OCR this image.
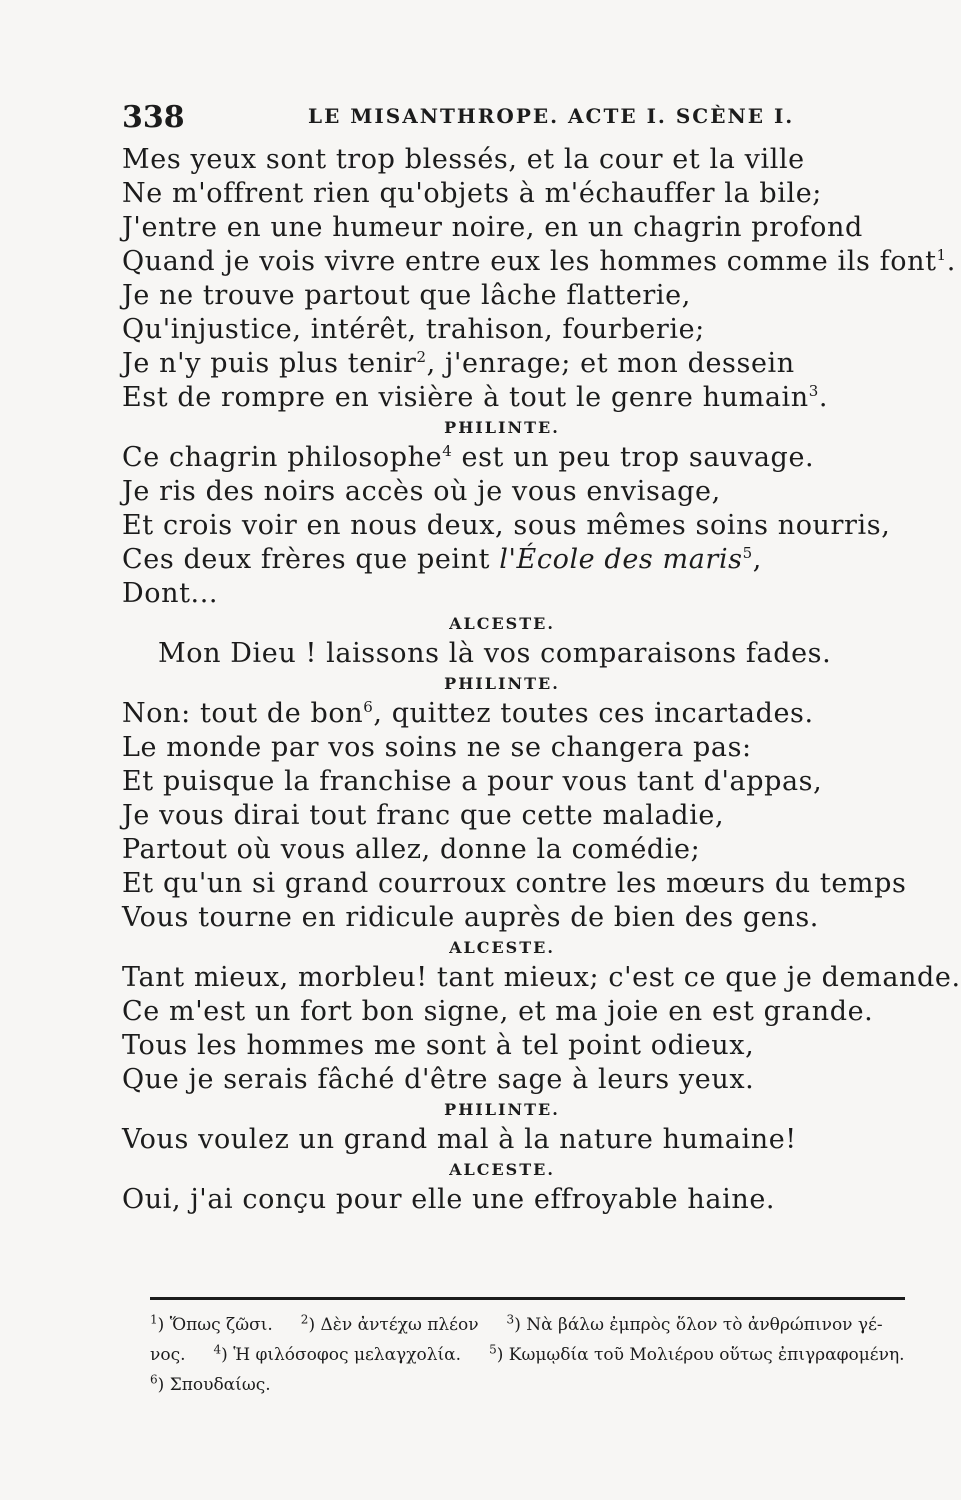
338	LE MISANTHROPE. ACTE I. SCÈNE I.
Mes yeux sont trop blessés, et la cour et la ville
Ne m'offrent rien qu'objets à m'échauffer la bile;
J'entre en une humeur noire, en un chagrin profond
Quand je vois vivre entre eux les hommes comme ils font$^1$.
Je ne trouve partout que lâche flatterie,
Qu'injustice, intérêt, trahison, fourberie;
Je n'y puis plus tenir$^2$, j'enrage; et mon dessein
Est de rompre en visière à tout le genre humain$^3$.
PHILINTE.
Ce chagrin philosophe$^4$ est un peu trop sauvage.
Je ris des noirs accès où je vous envisage,
Et crois voir en nous deux, sous mêmes soins nourris,
Ces deux frères que peint l'École des maris$^5$,
Dont...
ALCESTE.
Mon Dieu ! laissons là vos comparaisons fades.
PHILINTE.
Non: tout de bon$^6$, quittez toutes ces incartades.
Le monde par vos soins ne se changera pas:
Et puisque la franchise a pour vous tant d'appas,
Je vous dirai tout franc que cette maladie,
Partout où vous allez, donne la comédie;
Et qu'un si grand courroux contre les mœurs du temps
Vous tourne en ridicule auprès de bien des gens.
ALCESTE.
Tant mieux, morbleu! tant mieux; c'est ce que je demande.
Ce m'est un fort bon signe, et ma joie en est grande.
Tous les hommes me sont à tel point odieux,
Que je serais fâché d'être sage à leurs yeux.
PHILINTE.
Vous voulez un grand mal à la nature humaine!
ALCESTE.
Oui, j'ai conçu pour elle une effroyable haine.
$^1$) Ὅπως ζῶσι. $^2$) Δὲν ἀντέχω πλέον $^3$) Νὰ βάλω ἐμπρὸς ὅλον τὸ ἀνθρώπινον γέ-
νος. $^4$) Ἡ φιλόσοφος μελαγχολία. $^5$) Κωμῳδία τοῦ Μολιέρου οὕτως ἐπιγραφομένη.
$^6$) Σπουδαίως.
